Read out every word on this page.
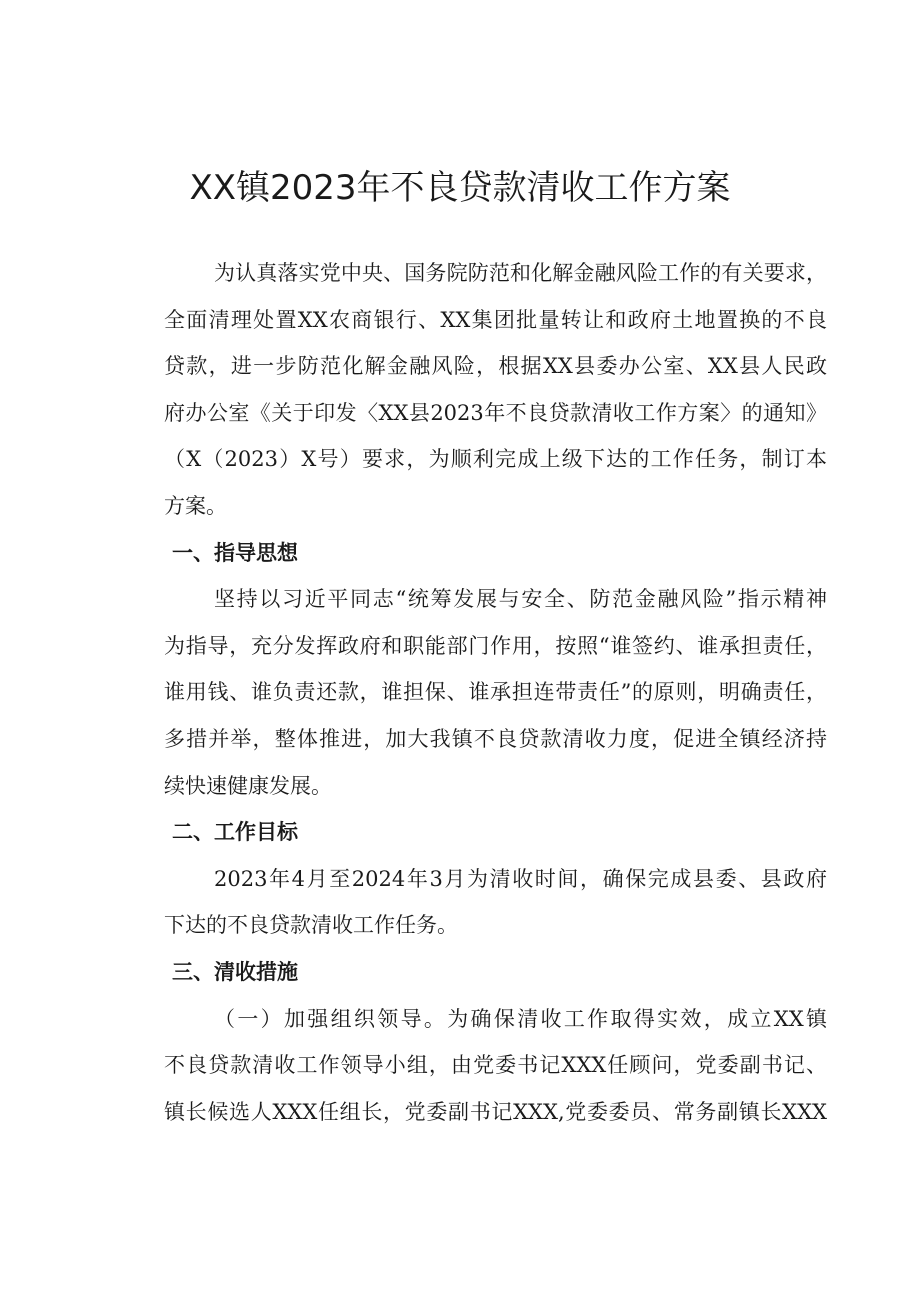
XX镇2023年不良贷款清收工作方案
为认真落实党中央、国务院防范和化解金融风险工作的有关要求，
全面清理处置XX农商银行、XX集团批量转让和政府土地置换的不良
贷款，进一步防范化解金融风险，根据XX县委办公室、XX县人民政
府办公室《关于印发〈XX县2023年不良贷款清收工作方案〉的通知》
（X（2023）X号）要求，为顺利完成上级下达的工作任务，制订本
方案。
一、指导思想
坚持以习近平同志“统筹发展与安全、防范金融风险”指示精神
为指导，充分发挥政府和职能部门作用，按照“谁签约、谁承担责任，
谁用钱、谁负责还款，谁担保、谁承担连带责任”的原则，明确责任，
多措并举，整体推进，加大我镇不良贷款清收力度，促进全镇经济持
续快速健康发展。
二、工作目标
2023年4月至2024年3月为清收时间，确保完成县委、县政府
下达的不良贷款清收工作任务。
三、清收措施
（一）加强组织领导。为确保清收工作取得实效，成立XX镇
不良贷款清收工作领导小组，由党委书记XXX任顾问，党委副书记、
镇长候选人XXX任组长，党委副书记XXX,党委委员、常务副镇长XXX
